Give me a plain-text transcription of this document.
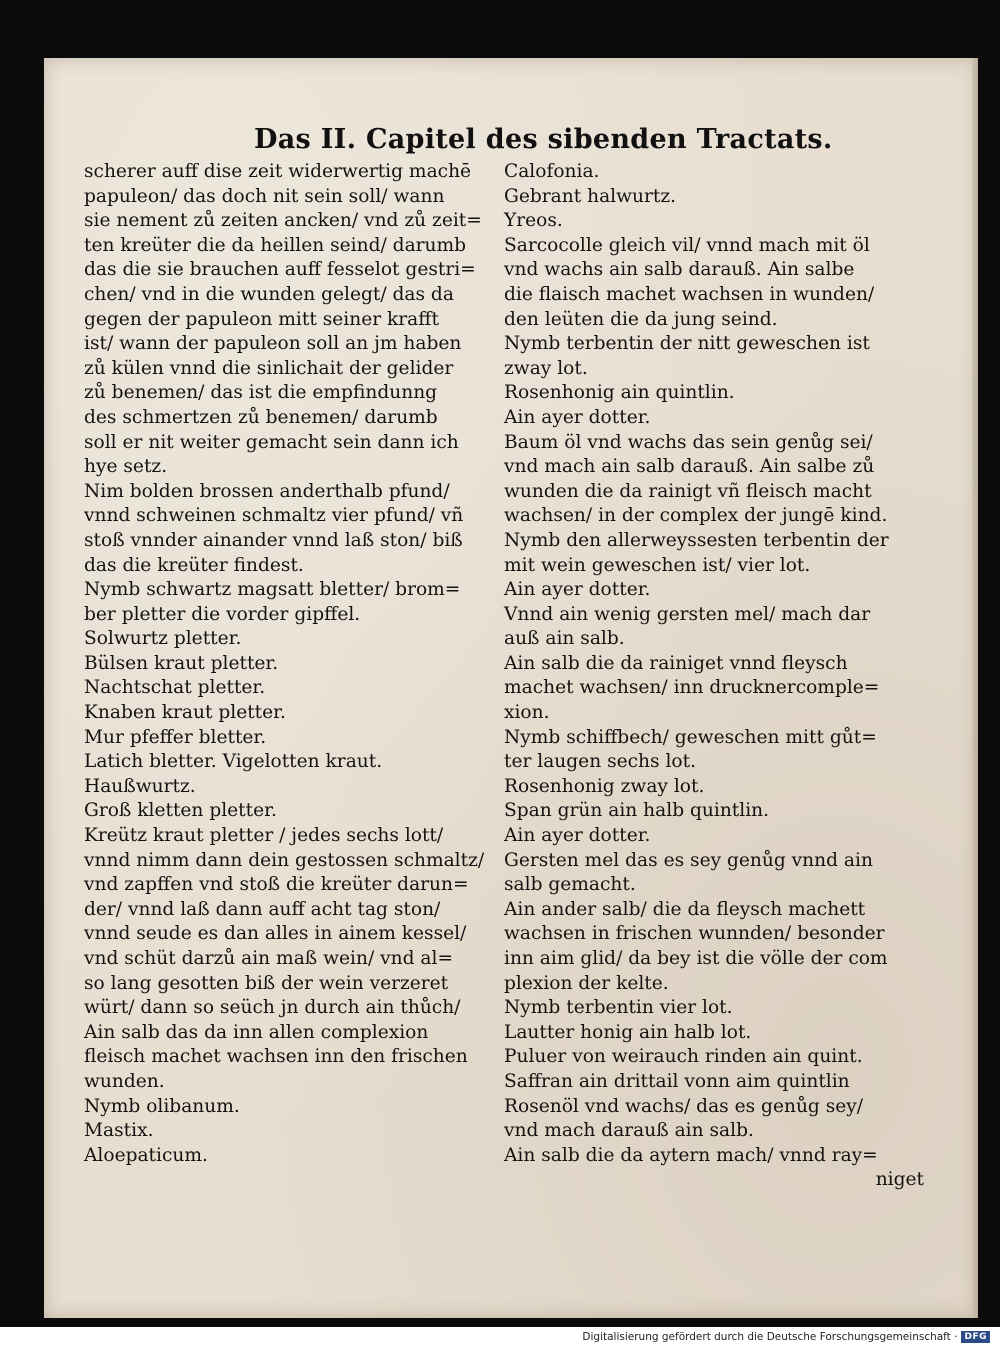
Das II. Capitel des sibenden Tractats.
scherer auff dise zeit widerwertig machē
papuleon/ das doch nit sein soll/ wann
sie nement zů zeiten ancken/ vnd zů zeit=
ten kreüter die da heillen seind/ darumb
das die sie brauchen auff fesselot gestri=
chen/ vnd in die wunden gelegt/ das da
gegen der papuleon mitt seiner krafft
ist/ wann der papuleon soll an jm haben
zů külen vnnd die sinlichait der gelider
zů benemen/ das ist die empfindunng
des schmertzen zů benemen/ darumb
soll er nit weiter gemacht sein dann ich
hye setz.
Nim bolden brossen anderthalb pfund/
vnnd schweinen schmaltz vier pfund/ vñ
stoß vnnder ainander vnnd laß ston/ biß
das die kreüter findest.
Nymb schwartz magsatt bletter/ brom=
ber pletter die vorder gipffel.
Solwurtz pletter.
Bülsen kraut pletter.
Nachtschat pletter.
Knaben kraut pletter.
Mur pfeffer bletter.
Latich bletter. Vigelotten kraut.
Haußwurtz.
Groß kletten pletter.
Kreütz kraut pletter / jedes sechs lott/
vnnd nimm dann dein gestossen schmaltz/
vnd zapffen vnd stoß die kreüter darun=
der/ vnnd laß dann auff acht tag ston/
vnnd seude es dan alles in ainem kessel/
vnd schüt darzů ain maß wein/ vnd al=
so lang gesotten biß der wein verzeret
würt/ dann so seüch jn durch ain thůch/
Ain salb das da inn allen complexion
fleisch machet wachsen inn den frischen
wunden.
Nymb olibanum.
Mastix.
Aloepaticum.
Calofonia.
Gebrant halwurtz.
Yreos.
Sarcocolle gleich vil/ vnnd mach mit öl
vnd wachs ain salb darauß. Ain salbe
die flaisch machet wachsen in wunden/
den leüten die da jung seind.
Nymb terbentin der nitt geweschen ist
zway lot.
Rosenhonig ain quintlin.
Ain ayer dotter.
Baum öl vnd wachs das sein genůg sei/
vnd mach ain salb darauß. Ain salbe zů
wunden die da rainigt vñ fleisch macht
wachsen/ in der complex der jungē kind.
Nymb den allerweyssesten terbentin der
mit wein geweschen ist/ vier lot.
Ain ayer dotter.
Vnnd ain wenig gersten mel/ mach dar
auß ain salb.
Ain salb die da rainiget vnnd fleysch
machet wachsen/ inn drucknercomple=
xion.
Nymb schiffbech/ geweschen mitt gůt=
ter laugen sechs lot.
Rosenhonig zway lot.
Span grün ain halb quintlin.
Ain ayer dotter.
Gersten mel das es sey genůg vnnd ain
salb gemacht.
Ain ander salb/ die da fleysch machett
wachsen in frischen wunnden/ besonder
inn aim glid/ da bey ist die völle der com
plexion der kelte.
Nymb terbentin vier lot.
Lautter honig ain halb lot.
Puluer von weirauch rinden ain quint.
Saffran ain drittail vonn aim quintlin
Rosenöl vnd wachs/ das es genůg sey/
vnd mach darauß ain salb.
Ain salb die da aytern mach/ vnnd ray=
niget
Digitalisierung gefördert durch die Deutsche Forschungsgemeinschaft · DFG
